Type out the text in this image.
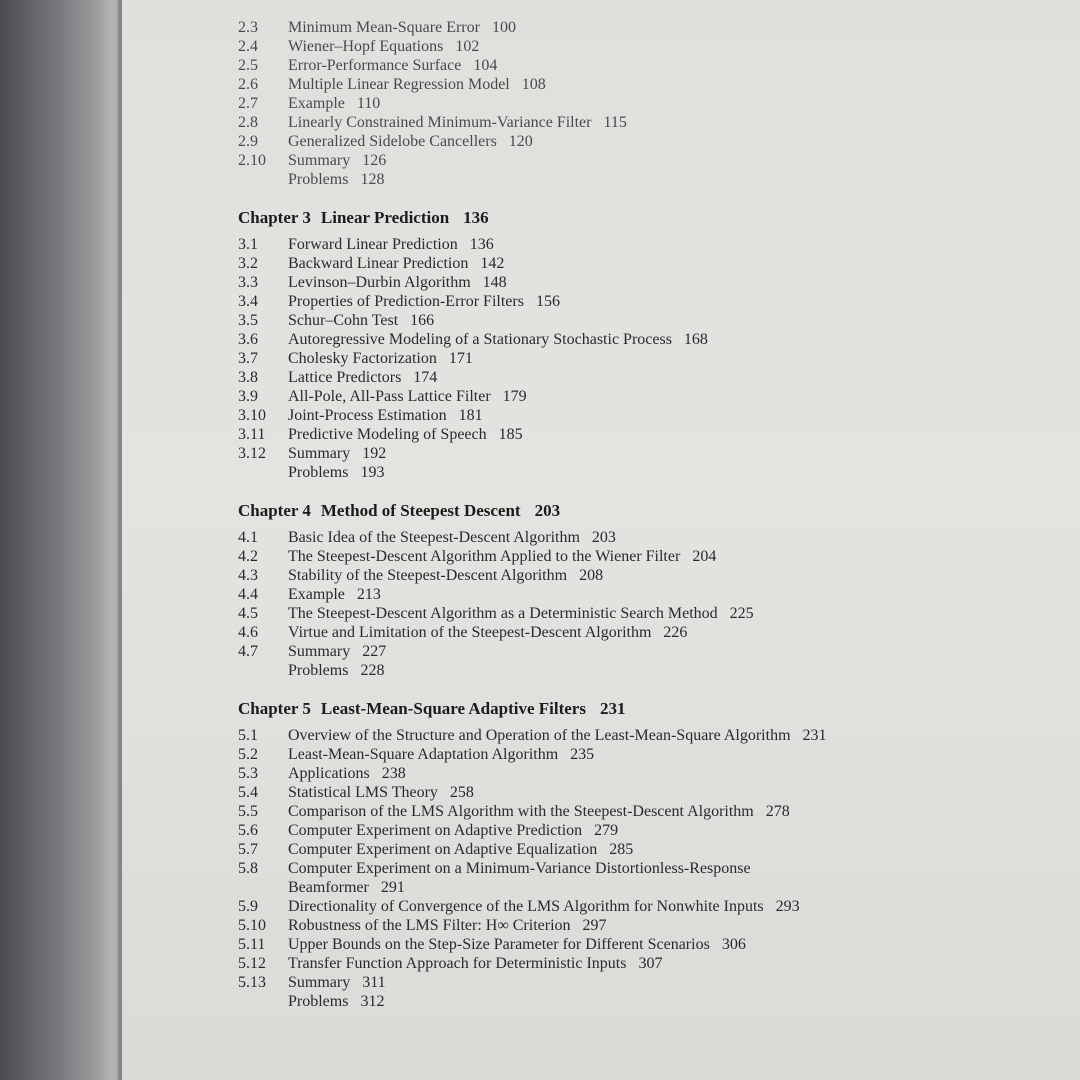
2.3	Minimum Mean-Square Error 100
2.4	Wiener–Hopf Equations 102
2.5	Error-Performance Surface 104
2.6	Multiple Linear Regression Model 108
2.7	Example 110
2.8	Linearly Constrained Minimum-Variance Filter 115
2.9	Generalized Sidelobe Cancellers 120
2.10	Summary 126
Problems 128
Chapter 3 Linear Prediction 136
3.1	Forward Linear Prediction 136
3.2	Backward Linear Prediction 142
3.3	Levinson–Durbin Algorithm 148
3.4	Properties of Prediction-Error Filters 156
3.5	Schur–Cohn Test 166
3.6	Autoregressive Modeling of a Stationary Stochastic Process 168
3.7	Cholesky Factorization 171
3.8	Lattice Predictors 174
3.9	All-Pole, All-Pass Lattice Filter 179
3.10	Joint-Process Estimation 181
3.11	Predictive Modeling of Speech 185
3.12	Summary 192
Problems 193
Chapter 4 Method of Steepest Descent 203
4.1	Basic Idea of the Steepest-Descent Algorithm 203
4.2	The Steepest-Descent Algorithm Applied to the Wiener Filter 204
4.3	Stability of the Steepest-Descent Algorithm 208
4.4	Example 213
4.5	The Steepest-Descent Algorithm as a Deterministic Search Method 225
4.6	Virtue and Limitation of the Steepest-Descent Algorithm 226
4.7	Summary 227
Problems 228
Chapter 5 Least-Mean-Square Adaptive Filters 231
5.1	Overview of the Structure and Operation of the Least-Mean-Square Algorithm 231
5.2	Least-Mean-Square Adaptation Algorithm 235
5.3	Applications 238
5.4	Statistical LMS Theory 258
5.5	Comparison of the LMS Algorithm with the Steepest-Descent Algorithm 278
5.6	Computer Experiment on Adaptive Prediction 279
5.7	Computer Experiment on Adaptive Equalization 285
5.8	Computer Experiment on a Minimum-Variance Distortionless-Response
Beamformer 291
5.9	Directionality of Convergence of the LMS Algorithm for Nonwhite Inputs 293
5.10	Robustness of the LMS Filter: H∞ Criterion 297
5.11	Upper Bounds on the Step-Size Parameter for Different Scenarios 306
5.12	Transfer Function Approach for Deterministic Inputs 307
5.13	Summary 311
Problems 312
